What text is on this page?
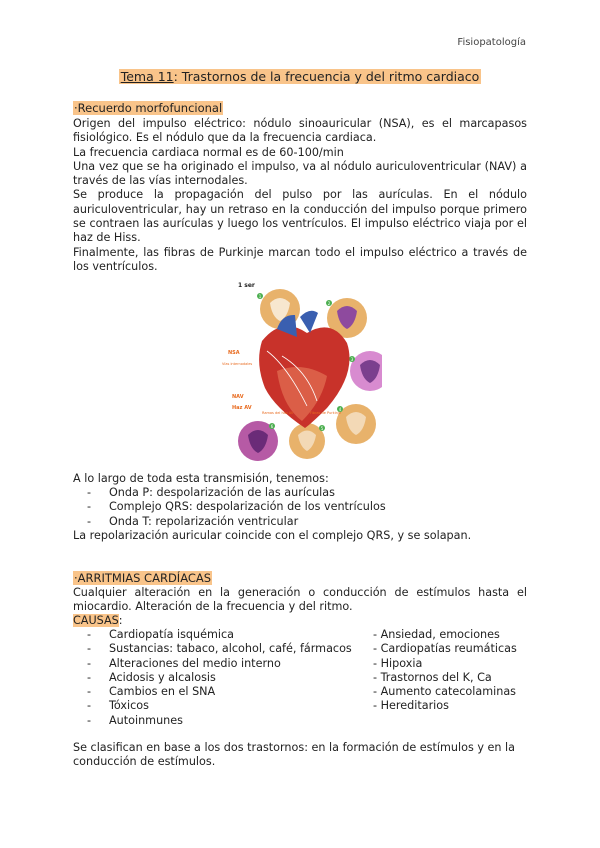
Fisiopatología
Tema 11: Trastornos de la frecuencia y del ritmo cardiaco
·Recuerdo morfofuncional

Origen del impulso eléctrico: nódulo sinoauricular (NSA), es el marcapasos fisiológico. Es el nódulo que da la frecuencia cardiaca.

La frecuencia cardiaca normal es de 60-100/min

Una vez que se ha originado el impulso, va al nódulo auriculoventricular (NAV) a través de las vías internodales.

Se produce la propagación del pulso por las aurículas. En el nódulo auriculoventricular, hay un retraso en la conducción del impulso porque primero se contraen las aurículas y luego los ventrículos. El impulso eléctrico viaja por el haz de Hiss.

Finalmente, las fibras de Purkinje marcan todo el impulso eléctrico a través de los ventrículos.

1 ser
1
2
3
4
5
6
NSA
Vías internodales
NAV
Haz AV
Ramas del haz AV	Fibras de Purkinje
A lo largo de toda esta transmisión, tenemos:
-	Onda P: despolarización de las aurículas
-	Complejo QRS: despolarización de los ventrículos
-	Onda T: repolarización ventricular
La repolarización auricular coincide con el complejo QRS, y se solapan.
·ARRITMIAS CARDÍACAS
Cualquier alteración en la generación o conducción de estímulos hasta el miocardio. Alteración de la frecuencia y del ritmo.
CAUSAS:
-	Cardiopatía isquémica
-	Sustancias: tabaco, alcohol, café, fármacos
-	Alteraciones del medio interno
-	Acidosis y alcalosis
-	Cambios en el SNA
-	Tóxicos
-	Autoinmunes
- Ansiedad, emociones
- Cardiopatías reumáticas
- Hipoxia
- Trastornos del K, Ca
- Aumento catecolaminas
- Hereditarios
Se clasifican en base a los dos trastornos: en la formación de estímulos y en la conducción de estímulos.
